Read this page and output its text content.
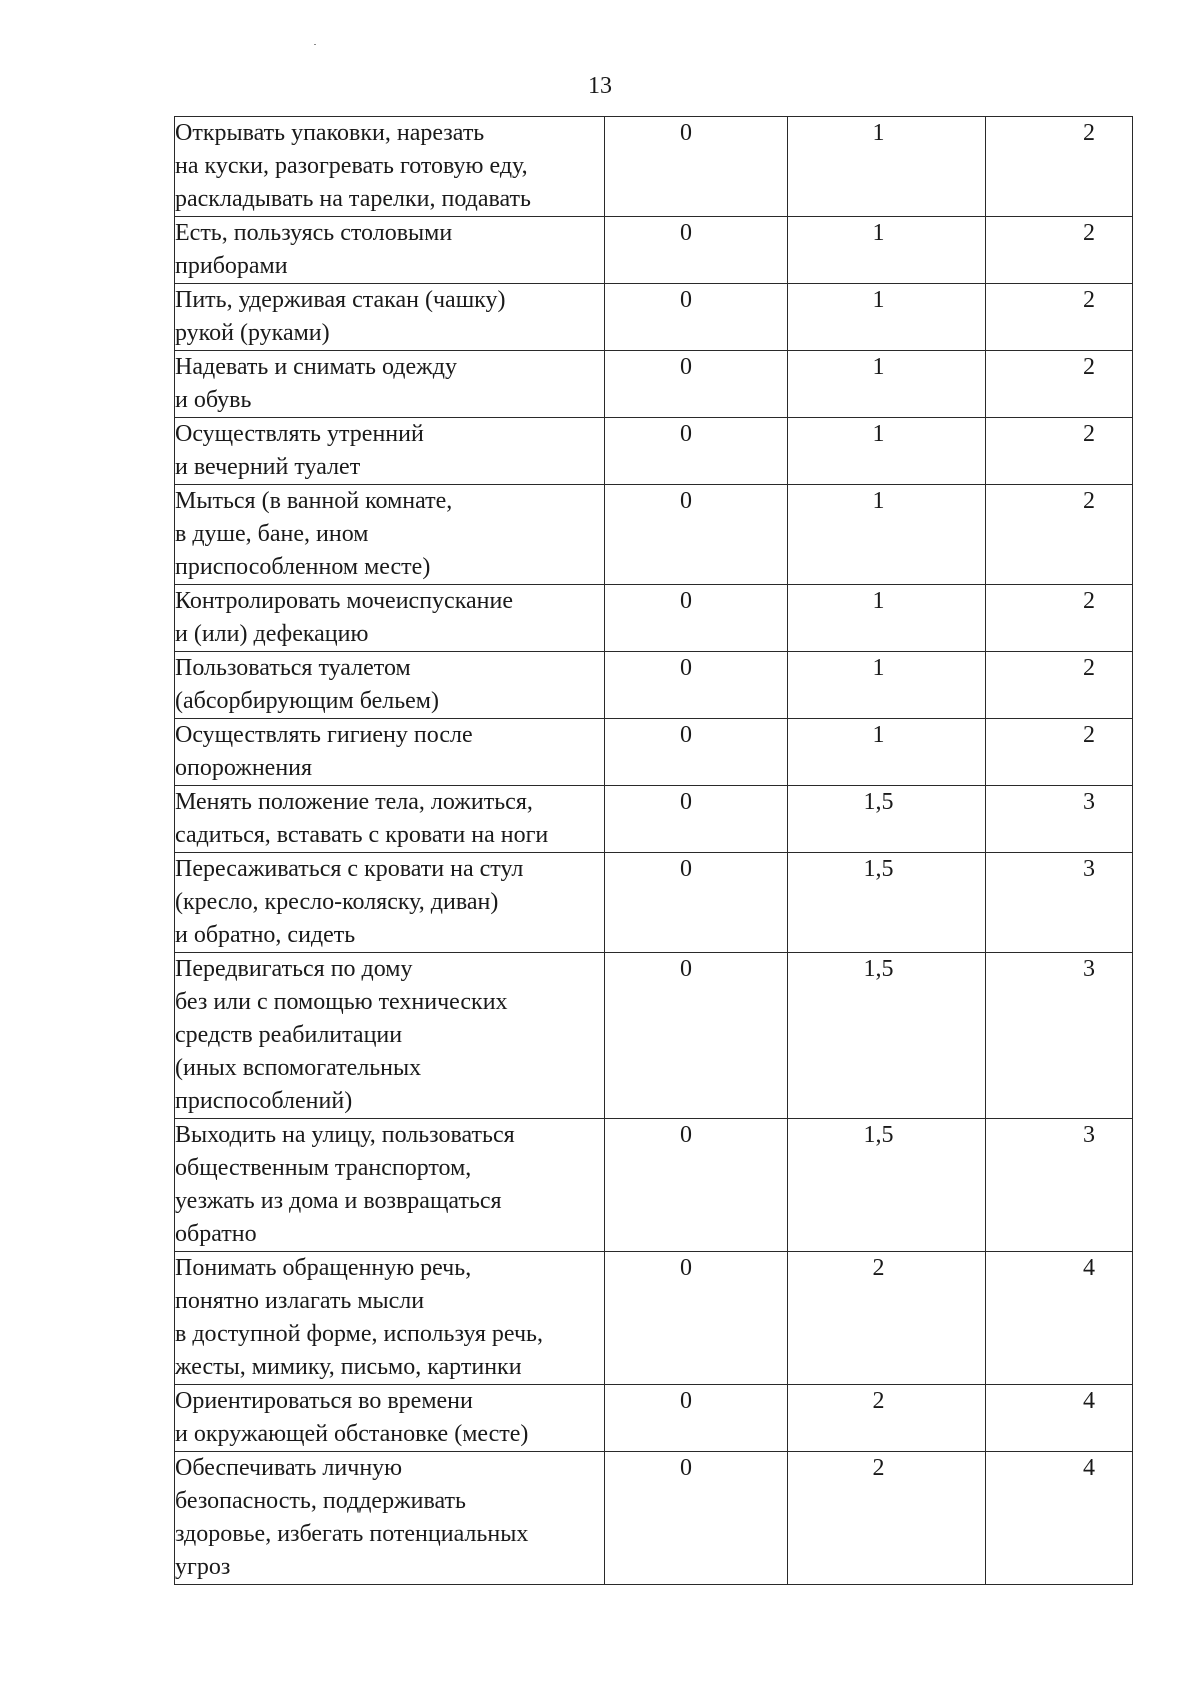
13
Открывать упаковки, нарезать
на куски, разогревать готовую еду,
раскладывать на тарелки, подавать	0	1	2
Есть, пользуясь столовыми
приборами	0	1	2
Пить, удерживая стакан (чашку)
рукой (руками)	0	1	2
Надевать и снимать одежду
и обувь	0	1	2
Осуществлять утренний
и вечерний туалет	0	1	2
Мыться (в ванной комнате,
в душе, бане, ином
приспособленном месте)	0	1	2
Контролировать мочеиспускание
и (или) дефекацию	0	1	2
Пользоваться туалетом
(абсорбирующим бельем)	0	1	2
Осуществлять гигиену после
опорожнения	0	1	2
Менять положение тела, ложиться,
садиться, вставать с кровати на ноги	0	1,5	3
Пересаживаться с кровати на стул
(кресло, кресло-коляску, диван)
и обратно, сидеть	0	1,5	3
Передвигаться по дому
без или с помощью технических
средств реабилитации
(иных вспомогательных
приспособлений)	0	1,5	3
Выходить на улицу, пользоваться
общественным транспортом,
уезжать из дома и возвращаться
обратно	0	1,5	3
Понимать обращенную речь,
понятно излагать мысли
в доступной форме, используя речь,
жесты, мимику, письмо, картинки	0	2	4
Ориентироваться во времени
и окружающей обстановке (месте)	0	2	4
Обеспечивать личную
безопасность, поддерживать
здоровье, избегать потенциальных
угроз	0	2	4
